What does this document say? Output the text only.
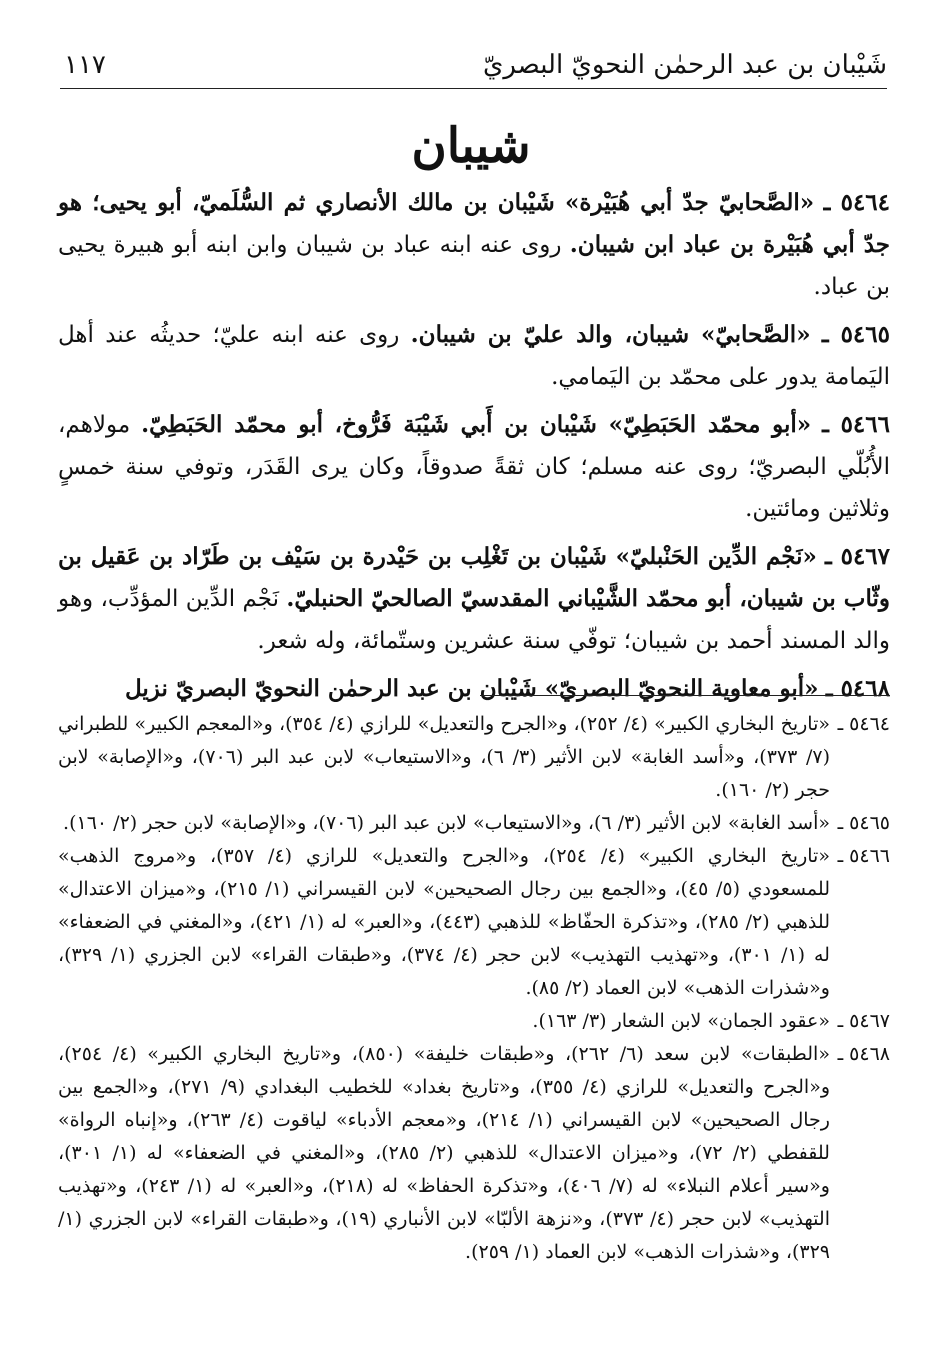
شَيْبان بن عبد الرحمٰن النحويّ البصريّ
١١٧
شيبان

٥٤٦٤ ـ «الصَّحابيّ جدّ أبي هُبَيْرة» شَيْبان بن مالك الأنصاري ثم السُّلَميّ، أبو يحيى؛ هو جدّ أبي هُبَيْرة بن عباد ابن شيبان. روى عنه ابنه عباد بن شيبان وابن ابنه أبو هبيرة يحيى بن عباد.

٥٤٦٥ ـ «الصَّحابيّ» شيبان، والد عليّ بن شيبان. روى عنه ابنه عليّ؛ حديثُه عند أهل اليَمامة يدور على محمّد بن اليَمامي.

٥٤٦٦ ـ «أبو محمّد الحَبَطِيّ» شَيْبان بن أَبي شَيْبَة فَرُّوخ، أبو محمّد الحَبَطِيّ. مولاهم، الأُبُلّي البصريّ؛ روى عنه مسلم؛ كان ثقةً صدوقاً، وكان يرى القَدَر، وتوفي سنة خمسٍ وثلاثين ومائتين.

٥٤٦٧ ـ «نَجْم الدِّين الحَنْبليّ» شَيْبان بن تَغْلِب بن حَيْدرة بن سَيْف بن طَرّاد بن عَقيل بن وثّاب بن شيبان، أبو محمّد الشَّيْباني المقدسيّ الصالحيّ الحنبليّ. نَجْم الدِّين المؤدِّب، وهو والد المسند أحمد بن شيبان؛ توفّي سنة عشرين وستّمائة، وله شعر.

٥٤٦٨ ـ «أبو معاوية النحويّ البصريّ» شَيْبان بن عبد الرحمٰن النحويّ البصريّ نزيل

٥٤٦٤ ـ
«تاريخ البخاري الكبير» (٤/ ٢٥٢)، و«الجرح والتعديل» للرازي (٤/ ٣٥٤)، و«المعجم الكبير» للطبراني (٧/ ٣٧٣)، و«أسد الغابة» لابن الأثير (٣/ ٦)، و«الاستيعاب» لابن عبد البر (٧٠٦)، و«الإصابة» لابن حجر (٢/ ١٦٠).
٥٤٦٥ ـ
«أسد الغابة» لابن الأثير (٣/ ٦)، و«الاستيعاب» لابن عبد البر (٧٠٦)، و«الإصابة» لابن حجر (٢/ ١٦٠).
٥٤٦٦ ـ
«تاريخ البخاري الكبير» (٤/ ٢٥٤)، و«الجرح والتعديل» للرازي (٤/ ٣٥٧)، و«مروج الذهب» للمسعودي (٥/ ٤٥)، و«الجمع بين رجال الصحيحين» لابن القيسراني (١/ ٢١٥)، و«ميزان الاعتدال» للذهبي (٢/ ٢٨٥)، و«تذكرة الحفّاظ» للذهبي (٤٤٣)، و«العبر» له (١/ ٤٢١)، و«المغني في الضعفاء» له (١/ ٣٠١)، و«تهذيب التهذيب» لابن حجر (٤/ ٣٧٤)، و«طبقات القراء» لابن الجزري (١/ ٣٢٩)، و«شذرات الذهب» لابن العماد (٢/ ٨٥).
٥٤٦٧ ـ
«عقود الجمان» لابن الشعار (٣/ ١٦٣).
٥٤٦٨ ـ
«الطبقات» لابن سعد (٦/ ٢٦٢)، و«طبقات خليفة» (٨٥٠)، و«تاريخ البخاري الكبير» (٤/ ٢٥٤)، و«الجرح والتعديل» للرازي (٤/ ٣٥٥)، و«تاريخ بغداد» للخطيب البغدادي (٩/ ٢٧١)، و«الجمع بين رجال الصحيحين» لابن القيسراني (١/ ٢١٤)، و«معجم الأدباء» لياقوت (٤/ ٢٦٣)، و«إنباه الرواة» للقفطي (٢/ ٧٢)، و«ميزان الاعتدال» للذهبي (٢/ ٢٨٥)، و«المغني في الضعفاء» له (١/ ٣٠١)، و«سير أعلام النبلاء» له (٧/ ٤٠٦)، و«تذكرة الحفاظ» له (٢١٨)، و«العبر» له (١/ ٢٤٣)، و«تهذيب التهذيب» لابن حجر (٤/ ٣٧٣)، و«نزهة الألبّا» لابن الأنباري (١٩)، و«طبقات القراء» لابن الجزري (١/ ٣٢٩)، و«شذرات الذهب» لابن العماد (١/ ٢٥٩).
